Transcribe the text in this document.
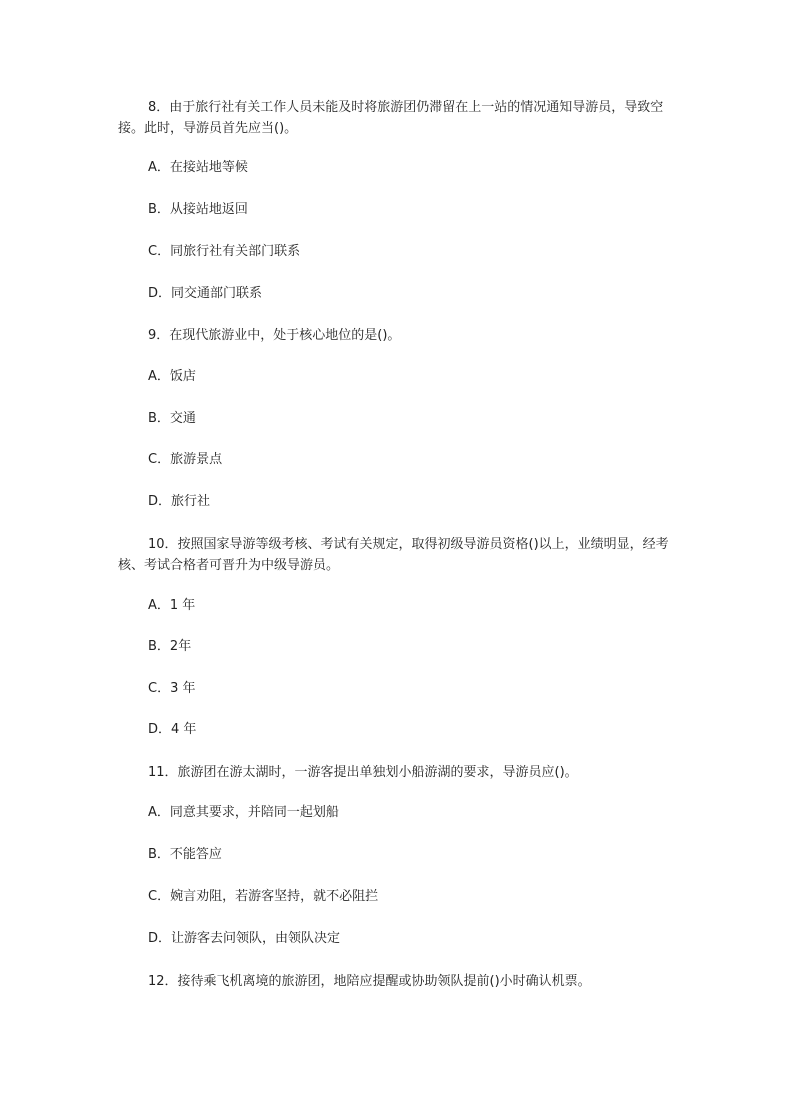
8．由于旅行社有关工作人员未能及时将旅游团仍滞留在上一站的情况通知导游员，导致空接。此时，导游员首先应当()。
A．在接站地等候
B．从接站地返回
C．同旅行社有关部门联系
D．同交通部门联系
9．在现代旅游业中，处于核心地位的是()。
A．饭店
B．交通
C．旅游景点
D．旅行社
10．按照国家导游等级考核、考试有关规定，取得初级导游员资格()以上，业绩明显，经考核、考试合格者可晋升为中级导游员。
A．1 年
B．2年
C．3 年
D．4 年
11．旅游团在游太湖时，一游客提出单独划小船游湖的要求，导游员应()。
A．同意其要求，并陪同一起划船
B．不能答应
C．婉言劝阻，若游客坚持，就不必阻拦
D．让游客去问领队，由领队决定
12．接待乘飞机离境的旅游团，地陪应提醒或协助领队提前()小时确认机票。
